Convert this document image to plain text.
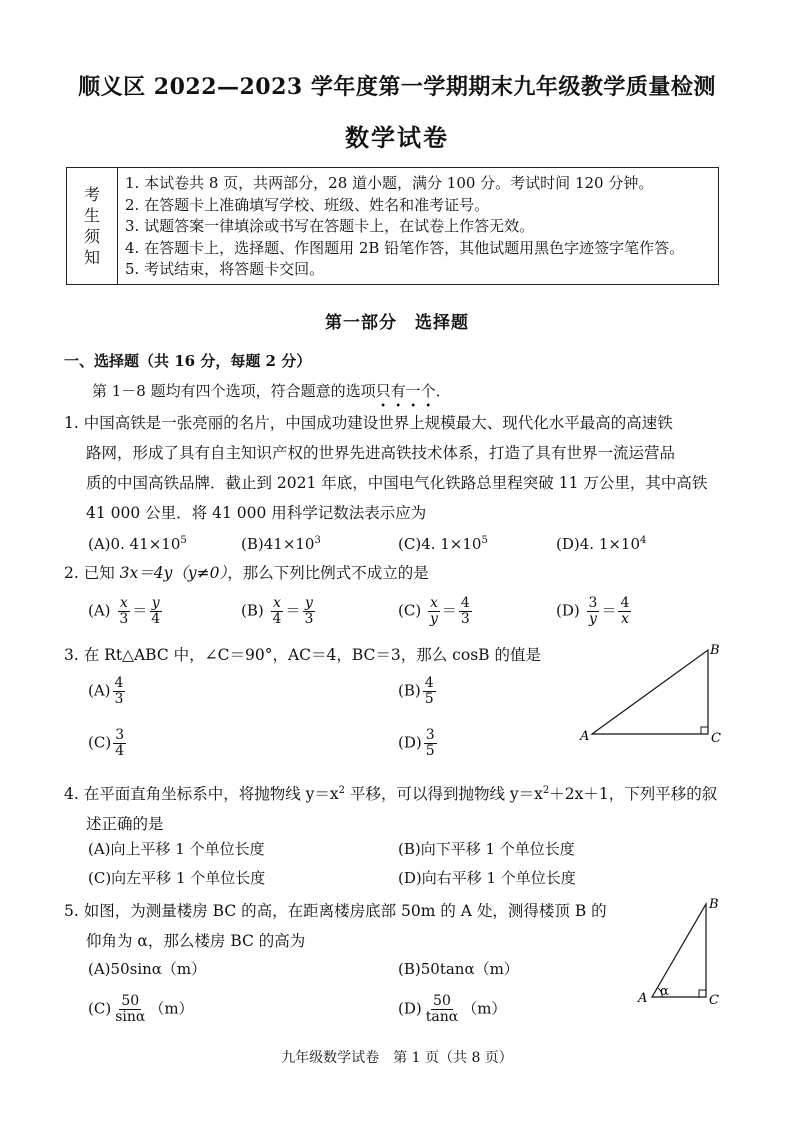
顺义区 2022—2023 学年度第一学期期末九年级教学质量检测
数学试卷
考
生
须
知
1. 本试卷共 8 页，共两部分，28 道小题，满分 100 分。考试时间 120 分钟。
2. 在答题卡上准确填写学校、班级、姓名和准考证号。
3. 试题答案一律填涂或书写在答题卡上，在试卷上作答无效。
4. 在答题卡上，选择题、作图题用 2B 铅笔作答，其他试题用黑色字迹签字笔作答。
5. 考试结束，将答题卡交回。
第一部分　选择题
一、选择题（共 16 分，每题 2 分）
第 1－8 题均有四个选项，符合题意的选项只有一个．
1. 中国高铁是一张亮丽的名片，中国成功建设世界上规模最大、现代化水平最高的高速铁
路网，形成了具有自主知识产权的世界先进高铁技术体系，打造了具有世界一流运营品
质的中国高铁品牌．截止到 2021 年底，中国电气化铁路总里程突破 11 万公里，其中高铁
41 000 公里．将 41 000 用科学记数法表示应为
(A)0. $41\times 10^5$	$(B)41\times 10^3$	(C)4. $1\times 10^5$	(D)4. $1\times 10^4$
2. 已知 3x＝4y（y≠0），那么下列比例式不成立的是
$(A) \frac{x}{3} = \frac{y}{4}$	$(B) \frac{x}{4} = \frac{y}{3}$	$(C) \frac{x}{y} = \frac{4}{3}$	$(D) \frac{3}{y} = \frac{4}{x}$
3. 在 Rt△ABC 中，∠C＝90°，AC＝4，BC＝3，那么 cosB 的值是
$(A) \frac{4}{3}$	$(B) \frac{4}{5}$
$(C) \frac{3}{4}$	$(D) \frac{3}{5}$	A
B
C
4. 在平面直角坐标系中，将抛物线 $y=x^2$ 平移，可以得到抛物线 $y=x^2+2x+1$，下列平移的叙
述正确的是
(A)向上平移 1 个单位长度	(B)向下平移 1 个单位长度
(C)向左平移 1 个单位长度	(D)向右平移 1 个单位长度
5. 如图，为测量楼房 BC 的高，在距离楼房底部 50m 的 A 处，测得楼顶 B 的
仰角为 α，那么楼房 BC 的高为
(A)50sinα（m）	(B)50tanα（m）
$(C) \frac{50}{\sin\alpha} (m)$	$(D) \frac{50}{\tan\alpha} (m)$
A
B
C
α
九年级数学试卷　第 1 页（共 8 页）
